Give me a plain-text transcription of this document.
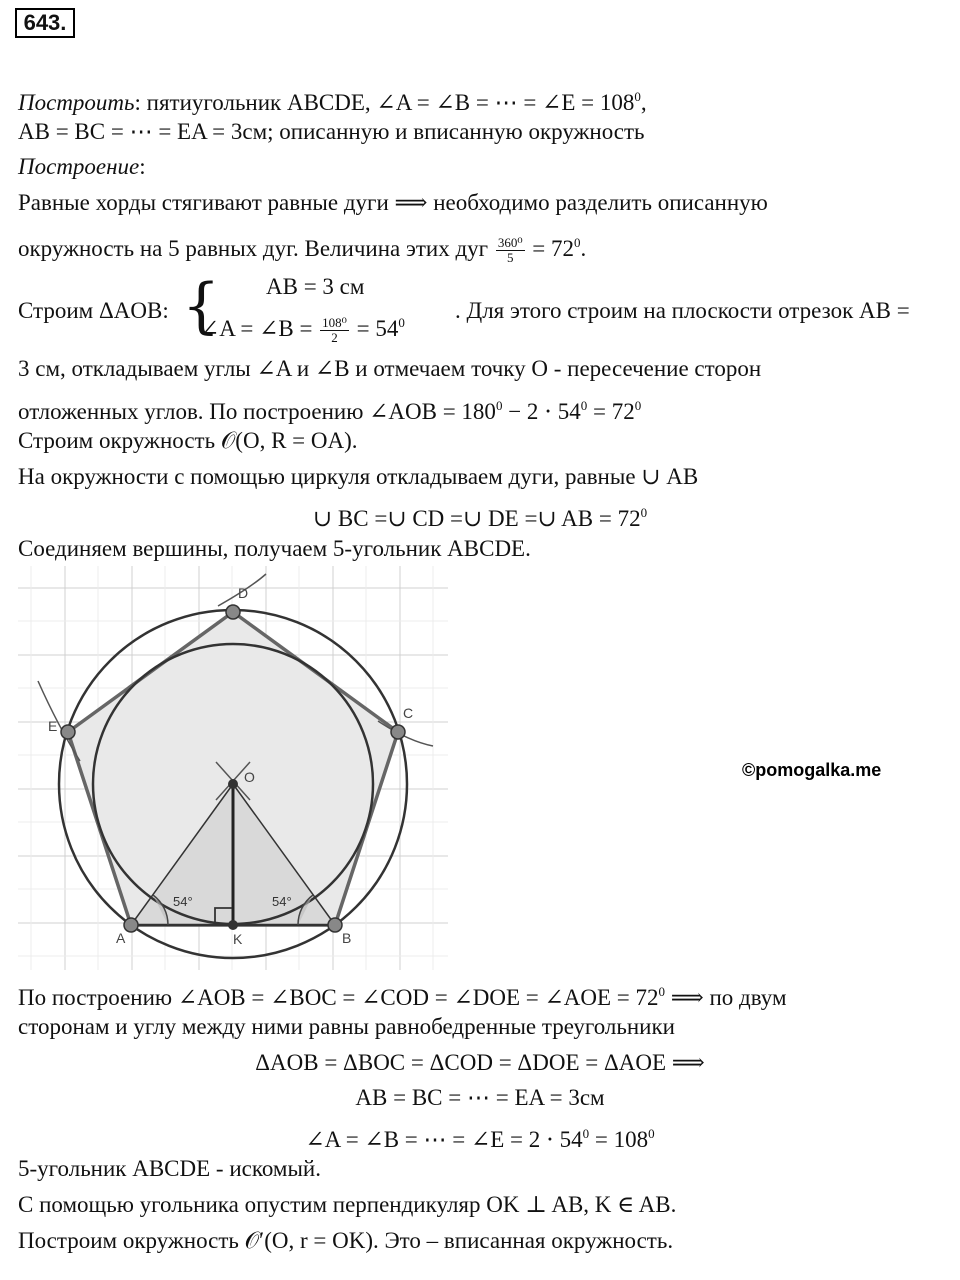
643.
Построить: пятиугольник ABCDE, ∠A = ∠B = ⋯ = ∠E = $108^0$,
AB = BC = ⋯ = EA = 3см; описанную и вписанную окружность
Построение:
Равные хорды стягивают равные дуги ⟹ необходимо разделить описанную
окружность на 5 равных дуг. Величина этих дуг $\frac{\text{360⁰}}{5} = 72^0$.
Строим ΔAOB: { AB = 3 см
∠A = ∠B = $\frac{\text{108⁰}}{2} = 54^0$ . Для этого строим на плоскости отрезок AB =
3 см, откладываем углы ∠A и ∠B и отмечаем точку O - пересечение сторон
отложенных углов. По построению ∠AOB = $180^0 - 2 \cdot 54^0 = 72^0$
Строим окружность 𝒪(O, R = OA).
На окружности с помощью циркуля откладываем дуги, равные ∪ AB
∪ BC =∪ CD =∪ DE =∪ AB = $72^0$
Соединяем вершины, получаем 5-угольник ABCDE.
54°	54°
A	B
C
D
E
O
K
©pomogalka.me
По построению ∠AOB = ∠BOC = ∠COD = ∠DOE = ∠AOE = $72^0$ ⟹ по двум
сторонам и углу между ними равны равнобедренные треугольники
ΔAOB = ΔBOC = ΔCOD = ΔDOE = ΔAOE ⟹
AB = BC = ⋯ = EA = 3см
∠A = ∠B = ⋯ = ∠E = $2 \cdot 54^0 = 108^0$
5-угольник ABCDE - искомый.
С помощью угольника опустим перпендикуляр OK ⊥ AB, K ∈ AB.
Построим окружность 𝒪′(O, r = OK). Это – вписанная окружность.
